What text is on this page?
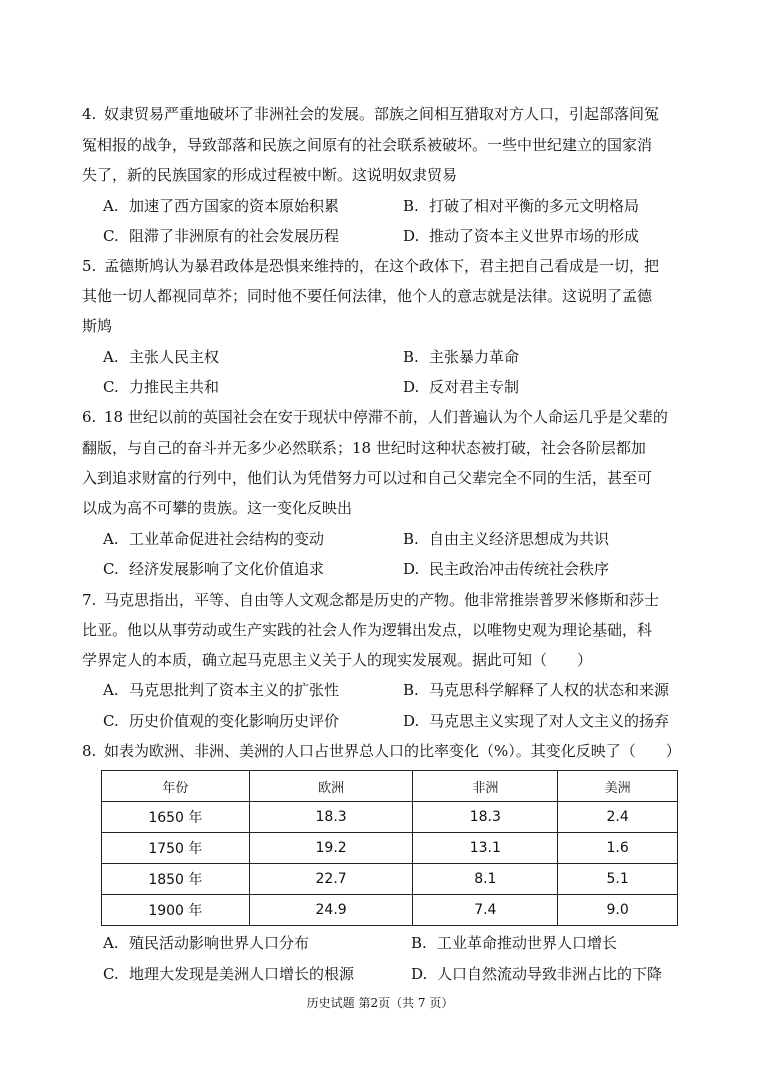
4. 奴隶贸易严重地破坏了非洲社会的发展。部族之间相互猎取对方人口，引起部落间冤
冤相报的战争，导致部落和民族之间原有的社会联系被破坏。一些中世纪建立的国家消
失了，新的民族国家的形成过程被中断。这说明奴隶贸易
A. 加速了西方国家的资本原始积累	B. 打破了相对平衡的多元文明格局
C. 阻滞了非洲原有的社会发展历程	D. 推动了资本主义世界市场的形成
5. 孟德斯鸠认为暴君政体是恐惧来维持的，在这个政体下，君主把自己看成是一切，把
其他一切人都视同草芥；同时他不要任何法律，他个人的意志就是法律。这说明了孟德
斯鸠
A. 主张人民主权	B. 主张暴力革命
C. 力推民主共和	D. 反对君主专制
6. 18 世纪以前的英国社会在安于现状中停滞不前，人们普遍认为个人命运几乎是父辈的
翻版，与自己的奋斗并无多少必然联系；18 世纪时这种状态被打破，社会各阶层都加
入到追求财富的行列中，他们认为凭借努力可以过和自己父辈完全不同的生活，甚至可
以成为高不可攀的贵族。这一变化反映出
A. 工业革命促进社会结构的变动	B. 自由主义经济思想成为共识
C. 经济发展影响了文化价值追求	D. 民主政治冲击传统社会秩序
7. 马克思指出，平等、自由等人文观念都是历史的产物。他非常推崇普罗米修斯和莎士
比亚。他以从事劳动或生产实践的社会人作为逻辑出发点，以唯物史观为理论基础，科
学界定人的本质，确立起马克思主义关于人的现实发展观。据此可知（　　）
A. 马克思批判了资本主义的扩张性	B. 马克思科学解释了人权的状态和来源
C. 历史价值观的变化影响历史评价	D. 马克思主义实现了对人文主义的扬弃
8. 如表为欧洲、非洲、美洲的人口占世界总人口的比率变化（%）。其变化反映了（　　）
年份	欧洲	非洲	美洲
1650 年	18.3	18.3	2.4
1750 年	19.2	13.1	1.6
1850 年	22.7	8.1	5.1
1900 年	24.9	7.4	9.0
A. 殖民活动影响世界人口分布	B. 工业革命推动世界人口增长
C. 地理大发现是美洲人口增长的根源	D. 人口自然流动导致非洲占比的下降
历史试题 第2页（共 7 页）
